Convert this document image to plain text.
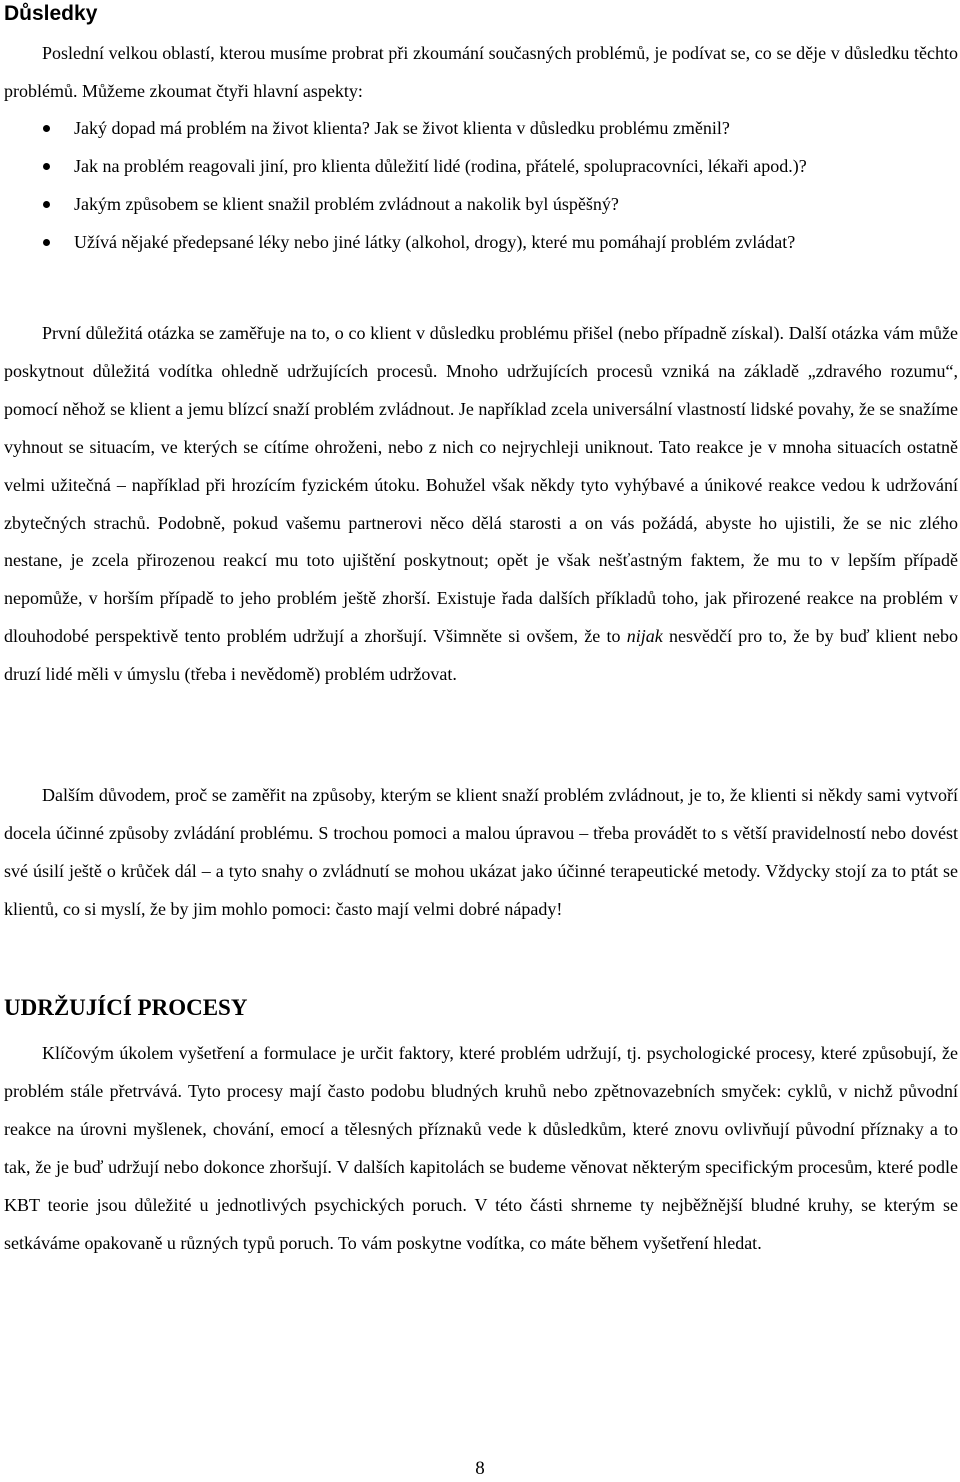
Důsledky

Poslední velkou oblastí, kterou musíme probrat při zkoumání současných problémů, je podívat se, co se děje v důsledku těchto problémů. Můžeme zkoumat čtyři hlavní aspekty:

Jaký dopad má problém na život klienta? Jak se život klienta v důsledku problému změnil?
Jak na problém reagovali jiní, pro klienta důležití lidé (rodina, přátelé, spolupracovníci, lékaři apod.)?
Jakým způsobem se klient snažil problém zvládnout a nakolik byl úspěšný?
Užívá nějaké předepsané léky nebo jiné látky (alkohol, drogy), které mu pomáhají problém zvládat?

První důležitá otázka se zaměřuje na to, o co klient v důsledku problému přišel (nebo případně získal). Další otázka vám může poskytnout důležitá vodítka ohledně udržujících procesů. Mnoho udržujících procesů vzniká na základě „zdravého rozumu“, pomocí něhož se klient a jemu blízcí snaží problém zvládnout. Je například zcela universální vlastností lidské povahy, že se snažíme vyhnout se situacím, ve kterých se cítíme ohroženi, nebo z nich co nejrychleji uniknout. Tato reakce je v mnoha situacích ostatně velmi užitečná – například při hrozícím fyzickém útoku. Bohužel však někdy tyto vyhýbavé a únikové reakce vedou k udržování zbytečných strachů. Podobně, pokud vašemu partnerovi něco dělá starosti a on vás požádá, abyste ho ujistili, že se nic zlého nestane, je zcela přirozenou reakcí mu toto ujištění poskytnout; opět je však nešťastným faktem, že mu to v lepším případě nepomůže, v horším případě to jeho problém ještě zhorší. Existuje řada dalších příkladů toho, jak přirozené reakce na problém v dlouhodobé perspektivě tento problém udržují a zhoršují. Všimněte si ovšem, že to nijak nesvědčí pro to, že by buď klient nebo druzí lidé měli v úmyslu (třeba i nevědomě) problém udržovat.

Dalším důvodem, proč se zaměřit na způsoby, kterým se klient snaží problém zvládnout, je to, že klienti si někdy sami vytvoří docela účinné způsoby zvládání problému. S trochou pomoci a malou úpravou – třeba provádět to s větší pravidelností nebo dovést své úsilí ještě o krůček dál – a tyto snahy o zvládnutí se mohou ukázat jako účinné terapeutické metody. Vždycky stojí za to ptát se klientů, co si myslí, že by jim mohlo pomoci: často mají velmi dobré nápady!

UDRŽUJÍCÍ PROCESY

Klíčovým úkolem vyšetření a formulace je určit faktory, které problém udržují, tj. psychologické procesy, které způsobují, že problém stále přetrvává. Tyto procesy mají často podobu bludných kruhů nebo zpětnovazebních smyček: cyklů, v nichž původní reakce na úrovni myšlenek, chování, emocí a tělesných příznaků vede k důsledkům, které znovu ovlivňují původní příznaky a to tak, že je buď udržují nebo dokonce zhoršují. V dalších kapitolách se budeme věnovat některým specifickým procesům, které podle KBT teorie jsou důležité u jednotlivých psychických poruch. V této části shrneme ty nejběžnější bludné kruhy, se kterým se setkáváme opakovaně u různých typů poruch. To vám poskytne vodítka, co máte během vyšetření hledat.

8
